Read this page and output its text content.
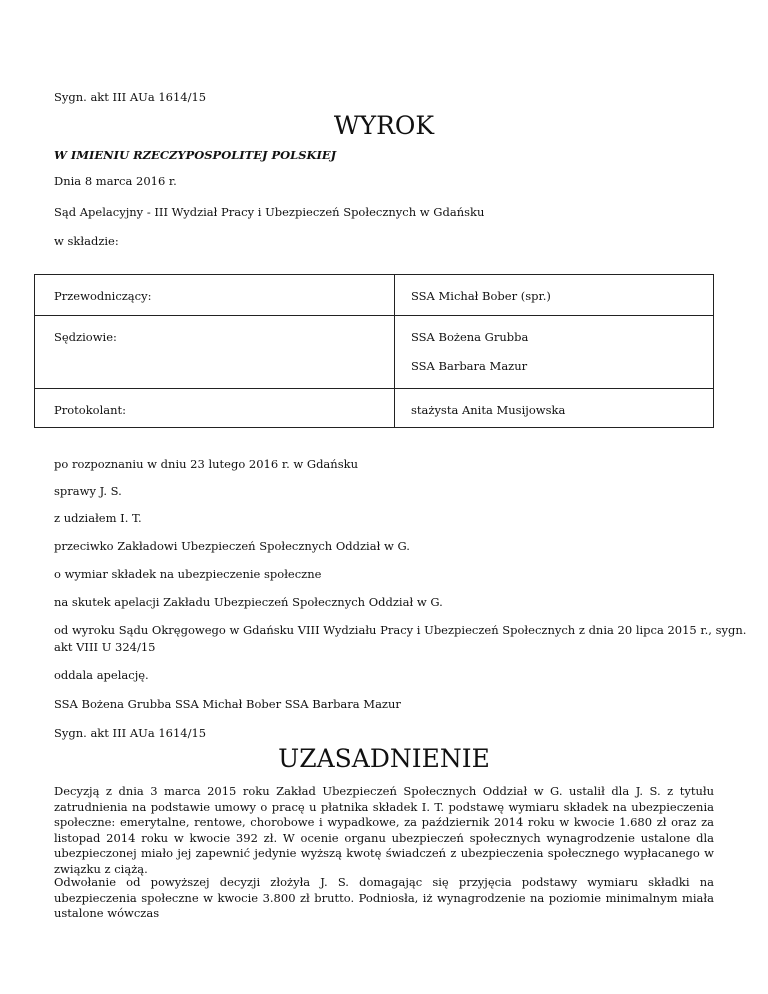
Sygn. akt III AUa 1614/15
WYROK
W IMIENIU RZECZYPOSPOLITEJ POLSKIEJ
Dnia 8 marca 2016 r.
Sąd Apelacyjny - III Wydział Pracy i Ubezpieczeń Społecznych w Gdańsku
w składzie:
Przewodniczący:	SSA Michał Bober (spr.)
Sędziowie:	SSA Bożena Grubba
SSA Barbara Mazur

Protokolant:	stażysta Anita Musijowska
po rozpoznaniu w dniu 23 lutego 2016 r. w Gdańsku
sprawy J. S.
z udziałem I. T.
przeciwko Zakładowi Ubezpieczeń Społecznych Oddział w G.
o wymiar składek na ubezpieczenie społeczne
na skutek apelacji Zakładu Ubezpieczeń Społecznych Oddział w G.
od wyroku Sądu Okręgowego w Gdańsku VIII Wydziału Pracy i Ubezpieczeń Społecznych z dnia 20 lipca 2015 r., sygn.
akt VIII U 324/15
oddala apelację.
SSA Bożena Grubba SSA Michał Bober SSA Barbara Mazur
Sygn. akt III AUa 1614/15
UZASADNIENIE
Decyzją z dnia 3 marca 2015 roku Zakład Ubezpieczeń Społecznych Oddział w G. ustalił dla J. S. z tytułu zatrudnienia na podstawie umowy o pracę u płatnika składek I. T. podstawę wymiaru składek na ubezpieczenia społeczne: emerytalne, rentowe, chorobowe i wypadkowe, za październik 2014 roku w kwocie 1.680 zł oraz za listopad 2014 roku w kwocie 392 zł. W ocenie organu ubezpieczeń społecznych wynagrodzenie ustalone dla ubezpieczonej miało jej zapewnić jedynie wyższą kwotę świadczeń z ubezpieczenia społecznego wypłacanego w związku z ciążą.
Odwołanie od powyższej decyzji złożyła J. S. domagając się przyjęcia podstawy wymiaru składki na ubezpieczenia społeczne w kwocie 3.800 zł brutto. Podniosła, iż wynagrodzenie na poziomie minimalnym miała ustalone wówczas
